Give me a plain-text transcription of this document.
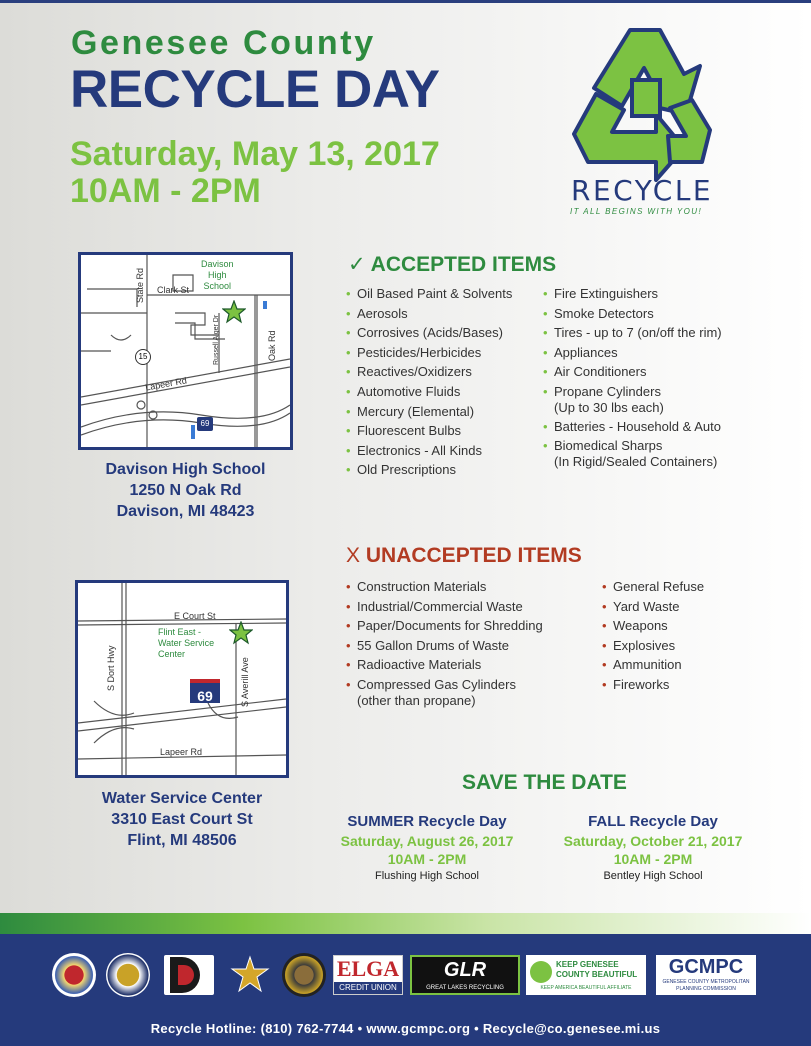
Genesee County
RECYCLE DAY
Saturday, May 13, 2017
10AM - 2PM	RECYCLE
IT ALL BEGINS WITH YOU!
State Rd Clark St
Davison
High
School
Russell Alger Dr	Oak Rd
Lapeer Rd
15
69
Davison High School
1250 N Oak Rd
Davison, MI 48423
E Court St
Flint East -
Water Service
Center
S Dort Hwy	S Averill Ave
Lapeer Rd
69
Water Service Center
3310 East Court St
Flint, MI 48506
✓ ACCEPTED ITEMS
• Oil Based Paint & Solvents
• Aerosols
• Corrosives (Acids/Bases)
• Pesticides/Herbicides
• Reactives/Oxidizers
• Automotive Fluids
• Mercury (Elemental)
• Fluorescent Bulbs
• Electronics - All Kinds
• Old Prescriptions
• Fire Extinguishers
• Smoke Detectors
• Tires - up to 7 (on/off the rim)
• Appliances
• Air Conditioners
• Propane Cylinders
(Up to 30 lbs each)
• Batteries - Household & Auto
• Biomedical Sharps
(In Rigid/Sealed Containers)
X UNACCEPTED ITEMS
• Construction Materials
• Industrial/Commercial Waste
• Paper/Documents for Shredding
• 55 Gallon Drums of Waste
• Radioactive Materials
• Compressed Gas Cylinders
(other than propane)
• General Refuse
• Yard Waste
• Weapons
• Explosives
• Ammunition
• Fireworks
SAVE THE DATE
SUMMER Recycle Day
Saturday, August 26, 2017
10AM - 2PM
Flushing High School
FALL Recycle Day
Saturday, October 21, 2017
10AM - 2PM
Bentley High School
ELGA
CREDIT UNION
GLR
GREAT LAKES RECYCLING
KEEP GENESEE COUNTY BEAUTIFUL
KEEP AMERICA BEAUTIFUL AFFILIATE
GCMPC
GENESEE COUNTY METROPOLITAN PLANNING COMMISSION
Recycle Hotline: (810) 762-7744 • www.gcmpc.org • Recycle@co.genesee.mi.us
